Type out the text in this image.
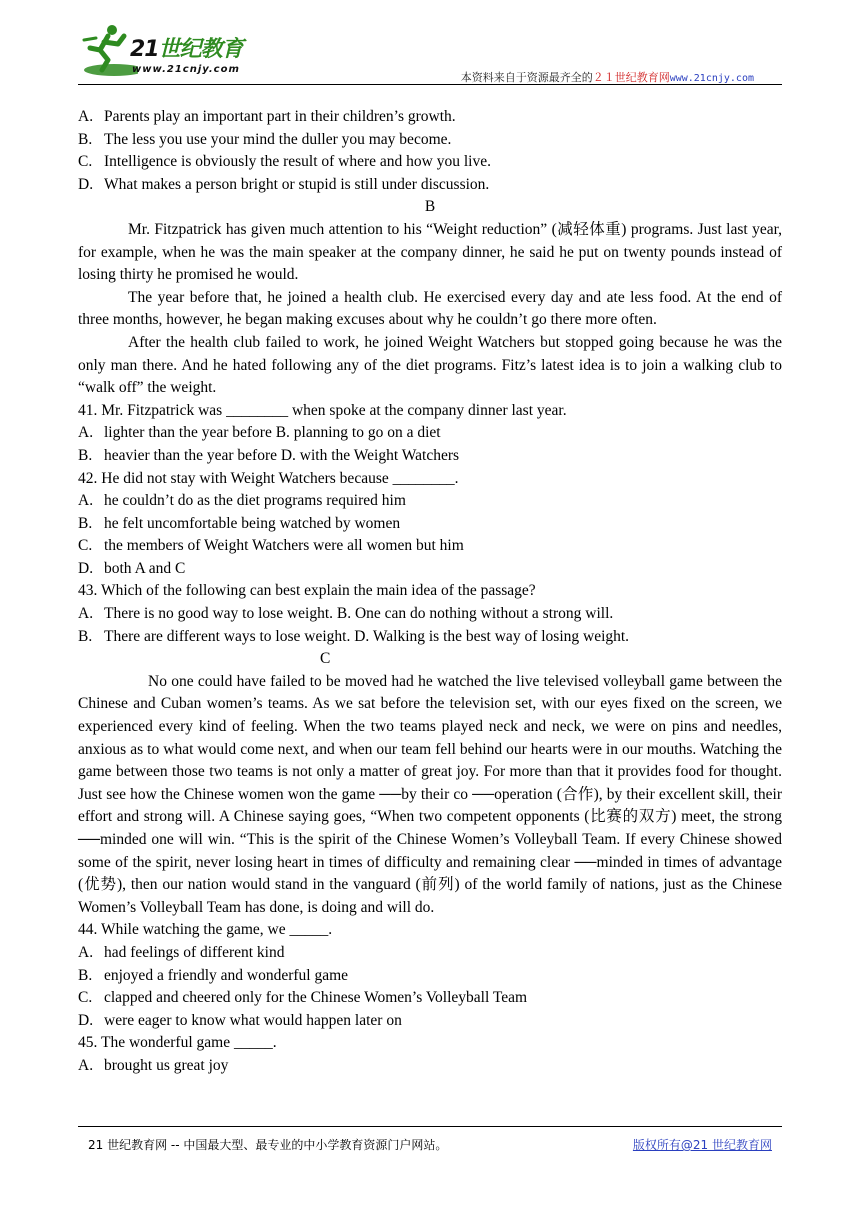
21世纪教育
www.21cnjy.com
本资料来自于资源最齐全的２１世纪教育网www.21cnjy.com
A. Parents play an important part in their children’s growth.
B. The less you use your mind the duller you may become.
C. Intelligence is obviously the result of where and how you live.
D. What makes a person bright or stupid is still under discussion.
B
Mr. Fitzpatrick has given much attention to his “Weight reduction” (减轻体重) programs. Just last year, for example, when he was the main speaker at the company dinner, he said he put on twenty pounds instead of losing thirty he promised he would.
The year before that, he joined a health club. He exercised every day and ate less food. At the end of three months, however, he began making excuses about why he couldn’t go there more often.
After the health club failed to work, he joined Weight Watchers but stopped going because he was the only man there. And he hated following any of the diet programs. Fitz’s latest idea is to join a walking club to “walk off” the weight.
41. Mr. Fitzpatrick was ________ when spoke at the company dinner last year.
A. lighter than the year before B. planning to go on a diet
B. heavier than the year before D. with the Weight Watchers
42. He did not stay with Weight Watchers because ________.
A. he couldn’t do as the diet programs required him
B. he felt uncomfortable being watched by women
C. the members of Weight Watchers were all women but him
D. both A and C
43. Which of the following can best explain the main idea of the passage?
A. There is no good way to lose weight. B. One can do nothing without a strong will.
B. There are different ways to lose weight. D. Walking is the best way of losing weight.
C
No one could have failed to be moved had he watched the live televised volleyball game between the Chinese and Cuban women’s teams. As we sat before the television set, with our eyes fixed on the screen, we experienced every kind of feeling. When the two teams played neck and neck, we were on pins and needles, anxious as to what would come next, and when our team fell behind our hearts were in our mouths. Watching the game between those two teams is not only a matter of great joy. For more than that it provides food for thought. Just see how the Chinese women won the game ──by their co ──operation (合作), by their excellent skill, their effort and strong will. A Chinese saying goes, “When two competent opponents (比赛的双方) meet, the strong ──minded one will win. “This is the spirit of the Chinese Women’s Volleyball Team. If every Chinese showed some of the spirit, never losing heart in times of difficulty and remaining clear ──minded in times of advantage (优势), then our nation would stand in the vanguard (前列) of the world family of nations, just as the Chinese Women’s Volleyball Team has done, is doing and will do.
44. While watching the game, we _____.
A. had feelings of different kind
B. enjoyed a friendly and wonderful game
C. clapped and cheered only for the Chinese Women’s Volleyball Team
D. were eager to know what would happen later on
45. The wonderful game _____.
A. brought us great joy
21 世纪教育网 -- 中国最大型、最专业的中小学教育资源门户网站。	版权所有@21 世纪教育网
